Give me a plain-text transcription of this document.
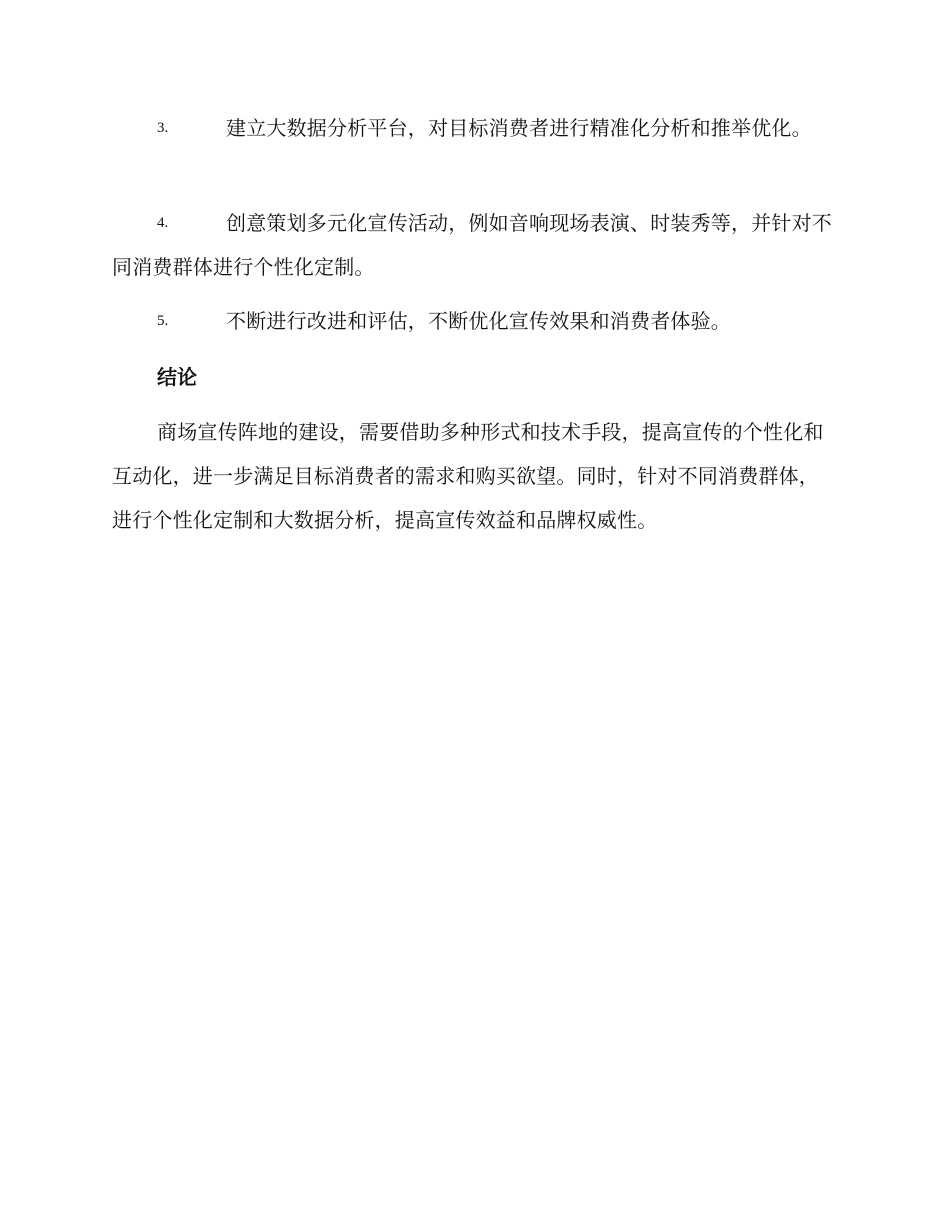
3.	建立大数据分析平台，对目标消费者进行精准化分析和推举优化。
4.	创意策划多元化宣传活动，例如音响现场表演、时装秀等，并针对不同消费群体进行个性化定制。
5.	不断进行改进和评估，不断优化宣传效果和消费者体验。
结论

商场宣传阵地的建设，需要借助多种形式和技术手段，提高宣传的个性化和互动化，进一步满足目标消费者的需求和购买欲望。同时，针对不同消费群体，进行个性化定制和大数据分析，提高宣传效益和品牌权威性。
